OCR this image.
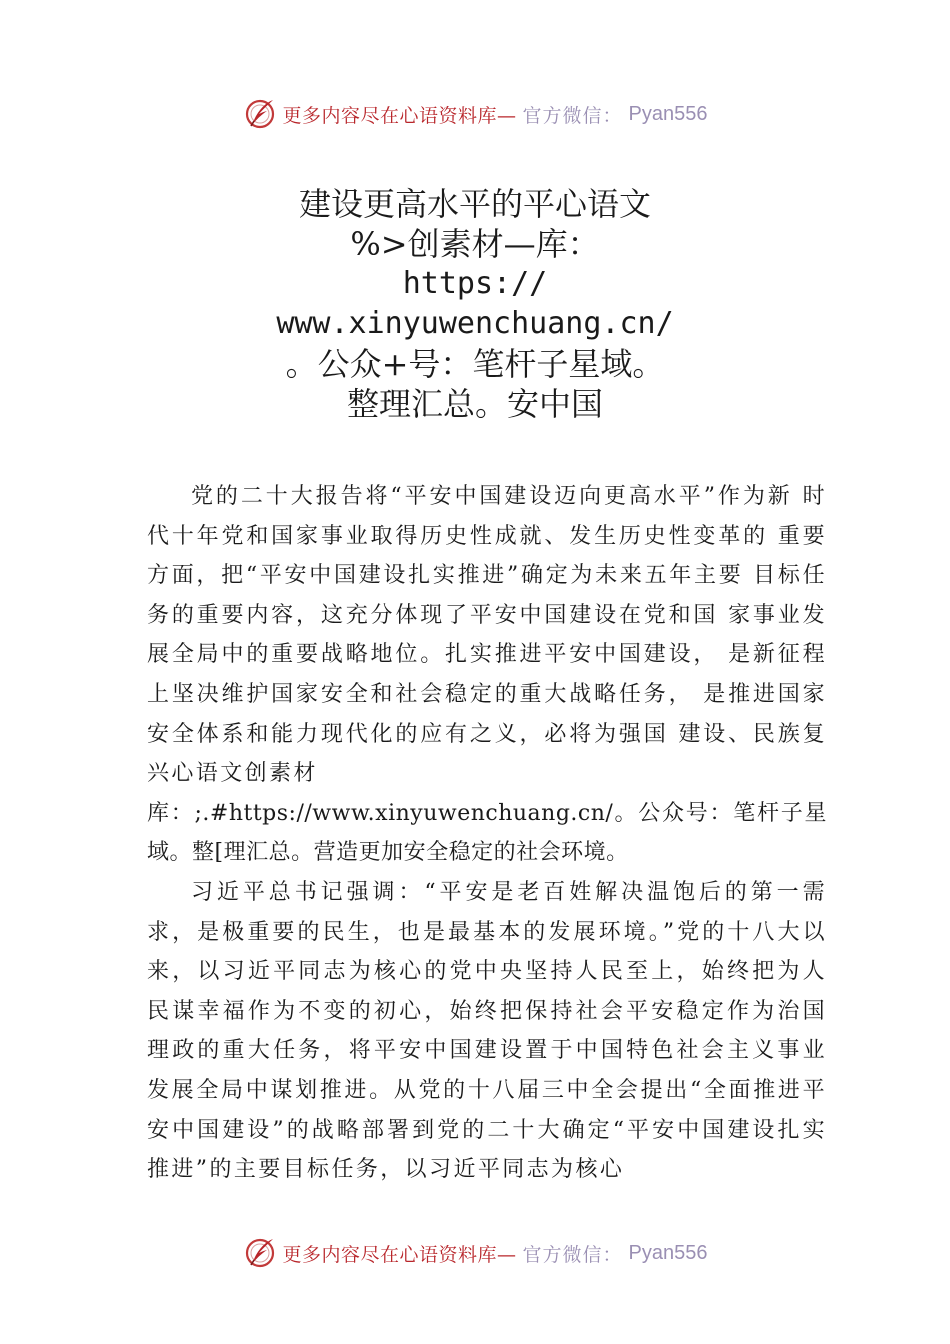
更多内容尽在心语资料库— 官方微信： Pyan556
建设更高水平的平心语文
%>创素材—库：
https://
www.xinyuwenchuang.cn/
。公众+号：笔杆子星域。
整理汇总。安中国

党的二十大报告将“平安中国建设迈向更高水平”作为新 时代十年党和国家事业取得历史性成就、发生历史性变革的 重要方面，把“平安中国建设扎实推进”确定为未来五年主要 目标任务的重要内容，这充分体现了平安中国建设在党和国 家事业发展全局中的重要战略地位。扎实推进平安中国建设， 是新征程上坚决维护国家安全和社会稳定的重大战略任务， 是推进国家安全体系和能力现代化的应有之义，必将为强国 建设、民族复兴心语文创素材
库：;.#https://www.xinyuwenchuang.cn/。公众号：笔杆子星域。整[理汇总。营造更加安全稳定的社会环境。

习近平总书记强调：“平安是老百姓解决温饱后的第一需求，是极重要的民生，也是最基本的发展环境。”党的十八大以来，以习近平同志为核心的党中央坚持人民至上，始终把为人民谋幸福作为不变的初心，始终把保持社会平安稳定作为治国理政的重大任务，将平安中国建设置于中国特色社会主义事业发展全局中谋划推进。从党的十八届三中全会提出“全面推进平安中国建设”的战略部署到党的二十大确定“平安中国建设扎实推进”的主要目标任务，以习近平同志为核心

更多内容尽在心语资料库— 官方微信： Pyan556
